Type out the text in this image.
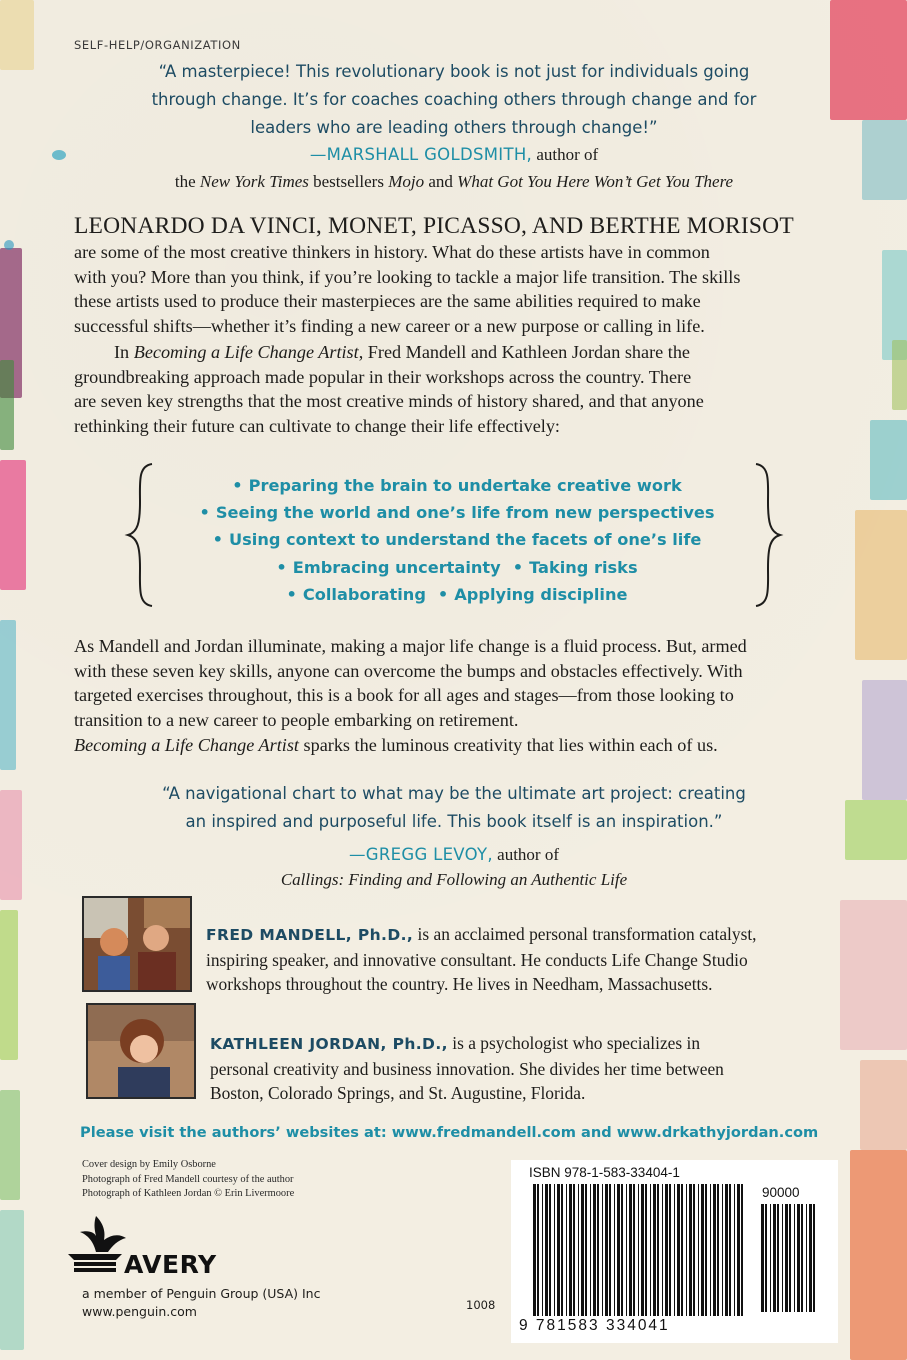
SELF-HELP/ORGANIZATION
“A masterpiece! This revolutionary book is not just for individuals going
through change. It’s for coaches coaching others through change and for
leaders who are leading others through change!”
—MARSHALL GOLDSMITH, author of
the New York Times bestsellers Mojo and What Got You Here Won’t Get You There
LEONARDO DA VINCI, MONET, PICASSO, AND BERTHE MORISOT
are some of the most creative thinkers in history. What do these artists have in common
with you? More than you think, if you’re looking to tackle a major life transition. The skills
these artists used to produce their masterpieces are the same abilities required to make
successful shifts—whether it’s finding a new career or a new purpose or calling in life.
In Becoming a Life Change Artist, Fred Mandell and Kathleen Jordan share the
groundbreaking approach made popular in their workshops across the country. There
are seven key strengths that the most creative minds of history shared, and that anyone
rethinking their future can cultivate to change their life effectively:
• Preparing the brain to undertake creative work
• Seeing the world and one’s life from new perspectives
• Using context to understand the facets of one’s life
• Embracing uncertainty • Taking risks
• Collaborating • Applying discipline
As Mandell and Jordan illuminate, making a major life change is a fluid process. But, armed
with these seven key skills, anyone can overcome the bumps and obstacles effectively. With
targeted exercises throughout, this is a book for all ages and stages—from those looking to
transition to a new career to people embarking on retirement.
Becoming a Life Change Artist sparks the luminous creativity that lies within each of us.
“A navigational chart to what may be the ultimate art project: creating
an inspired and purposeful life. This book itself is an inspiration.”
—GREGG LEVOY, author of
Callings: Finding and Following an Authentic Life
FRED MANDELL, Ph.D., is an acclaimed personal transformation catalyst,
inspiring speaker, and innovative consultant. He conducts Life Change Studio
workshops throughout the country. He lives in Needham, Massachusetts.
KATHLEEN JORDAN, Ph.D., is a psychologist who specializes in
personal creativity and business innovation. She divides her time between
Boston, Colorado Springs, and St. Augustine, Florida.
Please visit the authors’ websites at: www.fredmandell.com and www.drkathyjordan.com
Cover design by Emily Osborne
Photograph of Fred Mandell courtesy of the author
Photograph of Kathleen Jordan © Erin Livermoore
AVERY
a member of Penguin Group (USA) Inc
www.penguin.com	1008
ISBN 978-1-583-33404-1
90000
9 781583 334041
